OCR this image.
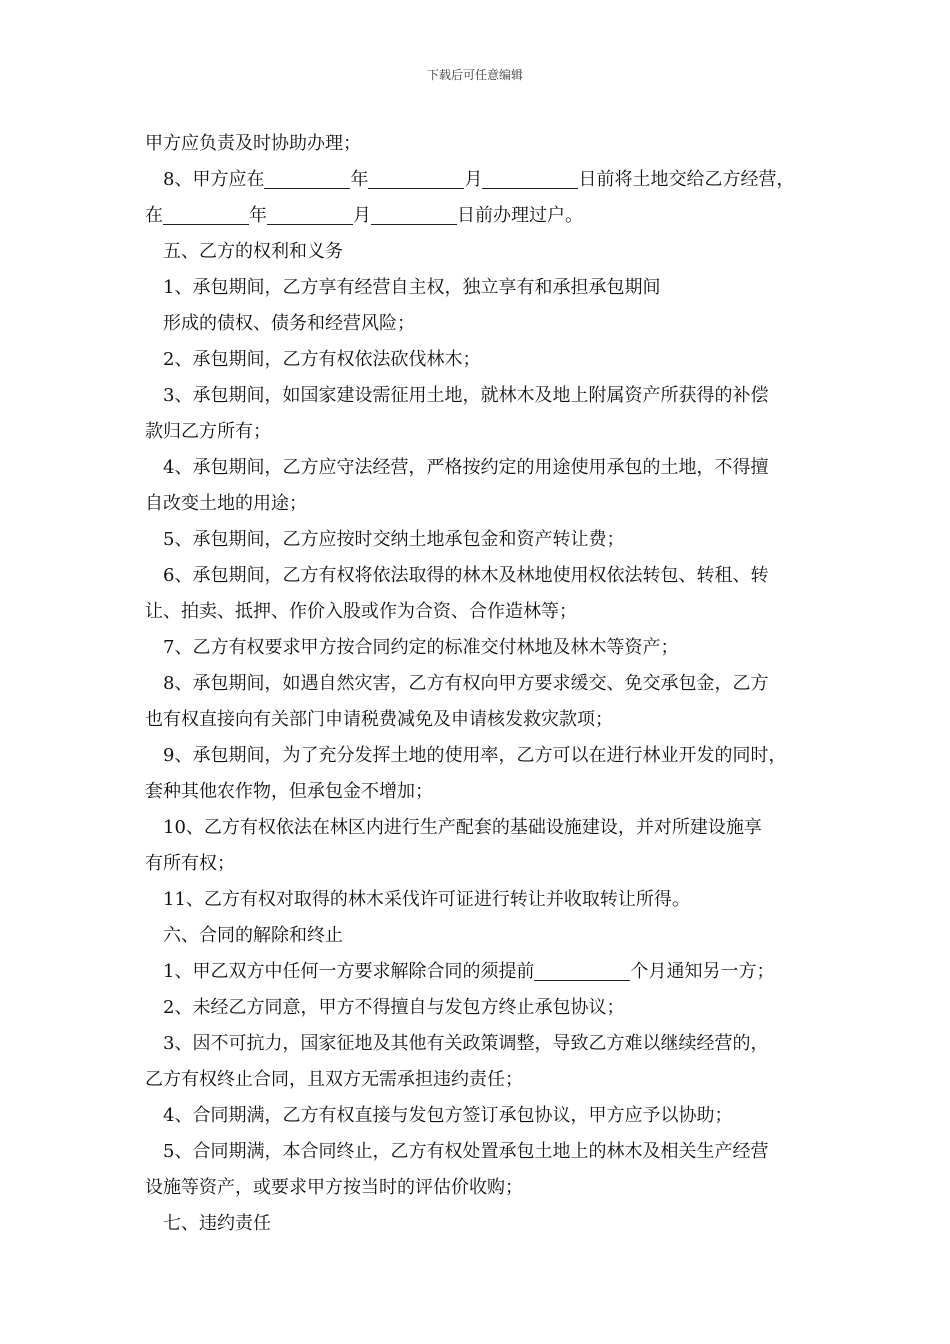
下载后可任意编辑
甲方应负责及时协助办理；
8、甲方应在	年	月	日前将土地交给乙方经营，
在	年	月	日前办理过户。
五、乙方的权利和义务
1、承包期间，乙方享有经营自主权，独立享有和承担承包期间
形成的债权、债务和经营风险；
2、承包期间，乙方有权依法砍伐林木；
3、承包期间，如国家建设需征用土地，就林木及地上附属资产所获得的补偿
款归乙方所有；
4、承包期间，乙方应守法经营，严格按约定的用途使用承包的土地，不得擅
自改变土地的用途；
5、承包期间，乙方应按时交纳土地承包金和资产转让费；
6、承包期间，乙方有权将依法取得的林木及林地使用权依法转包、转租、转
让、拍卖、抵押、作价入股或作为合资、合作造林等；
7、乙方有权要求甲方按合同约定的标准交付林地及林木等资产；
8、承包期间，如遇自然灾害，乙方有权向甲方要求缓交、免交承包金，乙方
也有权直接向有关部门申请税费减免及申请核发救灾款项；
9、承包期间，为了充分发挥土地的使用率，乙方可以在进行林业开发的同时，
套种其他农作物，但承包金不增加；
10、乙方有权依法在林区内进行生产配套的基础设施建设，并对所建设施享
有所有权；
11、乙方有权对取得的林木采伐许可证进行转让并收取转让所得。
六、合同的解除和终止
1、甲乙双方中任何一方要求解除合同的须提前	个月通知另一方；
2、未经乙方同意，甲方不得擅自与发包方终止承包协议；
3、因不可抗力，国家征地及其他有关政策调整，导致乙方难以继续经营的，
乙方有权终止合同，且双方无需承担违约责任；
4、合同期满，乙方有权直接与发包方签订承包协议，甲方应予以协助；
5、合同期满，本合同终止，乙方有权处置承包土地上的林木及相关生产经营
设施等资产，或要求甲方按当时的评估价收购；
七、违约责任
